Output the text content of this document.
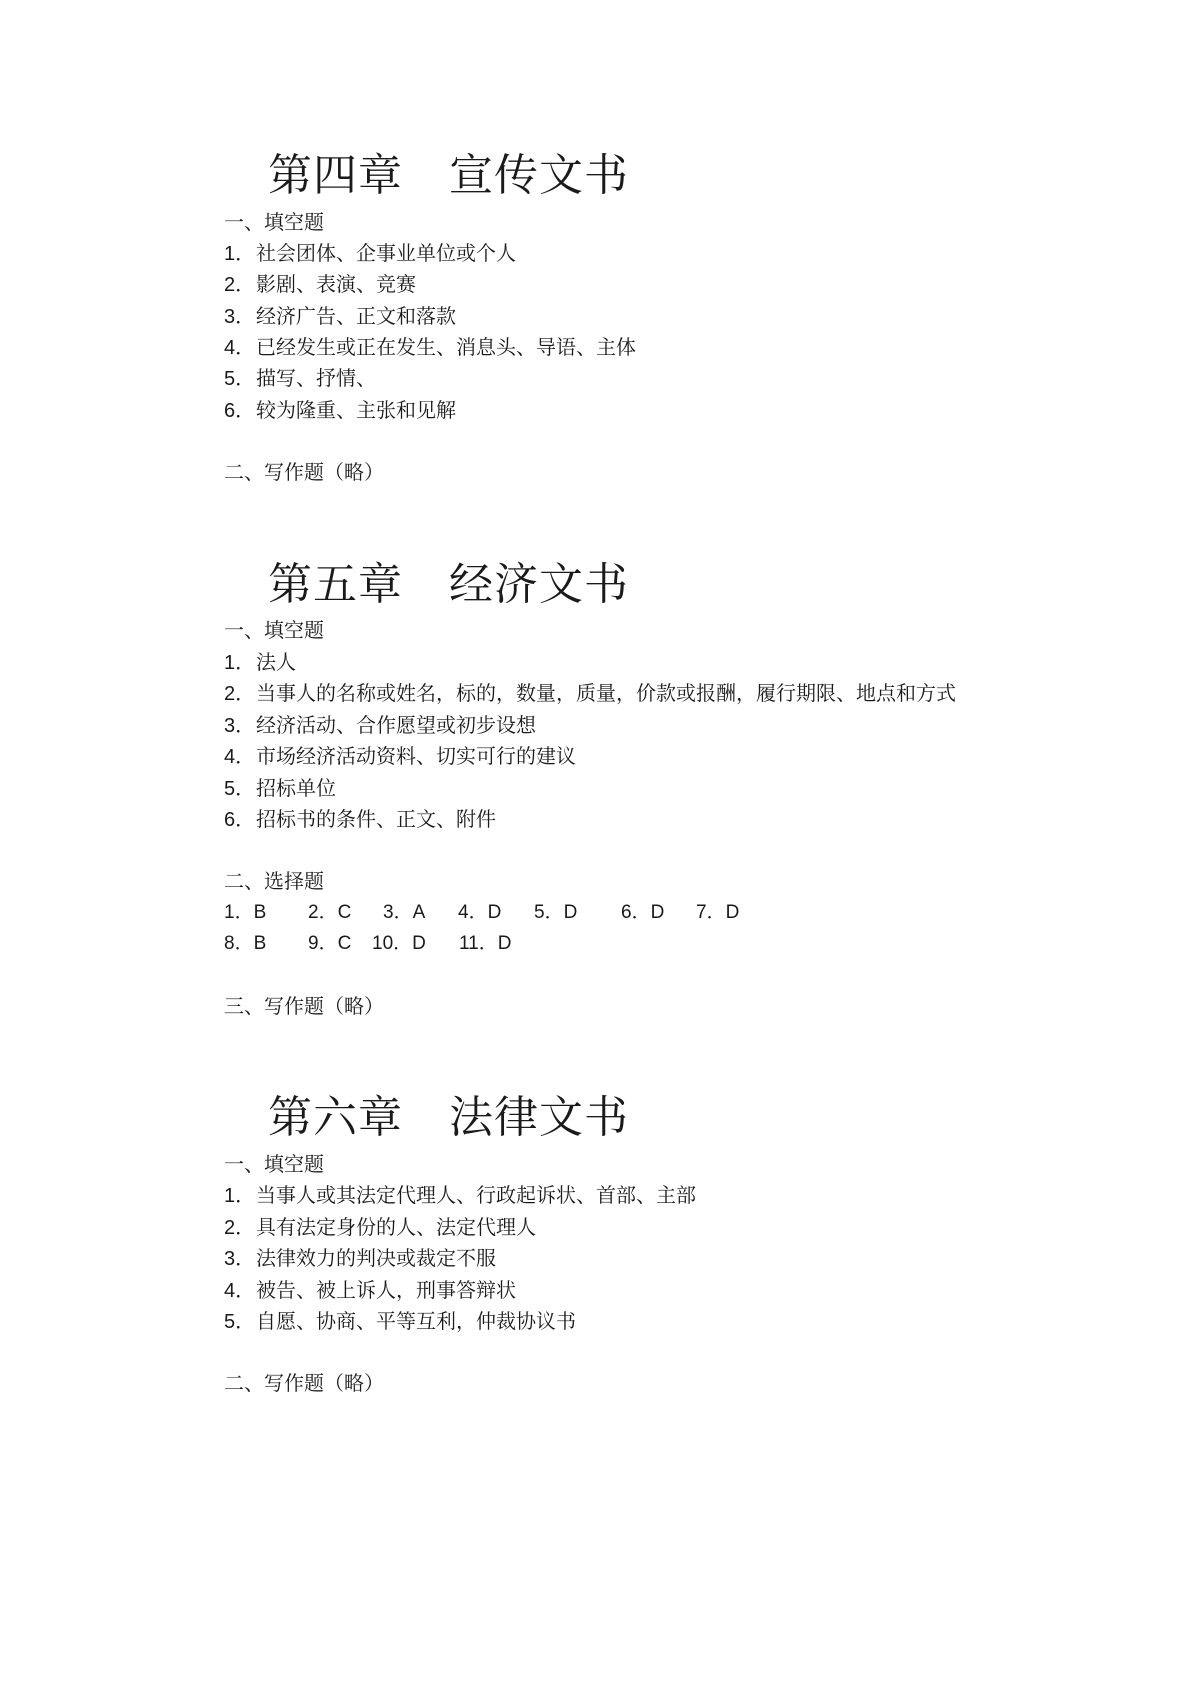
第四章 宣传文书
一、填空题
1．社会团体、企事业单位或个人
2．影剧、表演、竞赛
3．经济广告、正文和落款
4．已经发生或正在发生、消息头、导语、主体
5．描写、抒情、
6．较为隆重、主张和见解
二、写作题（略）
第五章 经济文书
一、填空题
1．法人
2．当事人的名称或姓名，标的，数量，质量，价款或报酬，履行期限、地点和方式
3．经济活动、合作愿望或初步设想
4．市场经济活动资料、切实可行的建议
5．招标单位
6．招标书的条件、正文、附件
二、选择题
1．B 2．C 3．A 4．D 5．D 6．D 7．D
8．B 9．C 10．D 11．D
三、写作题（略）
第六章 法律文书
一、填空题
1．当事人或其法定代理人、行政起诉状、首部、主部
2．具有法定身份的人、法定代理人
3．法律效力的判决或裁定不服
4．被告、被上诉人，刑事答辩状
5．自愿、协商、平等互利，仲裁协议书
二、写作题（略）
